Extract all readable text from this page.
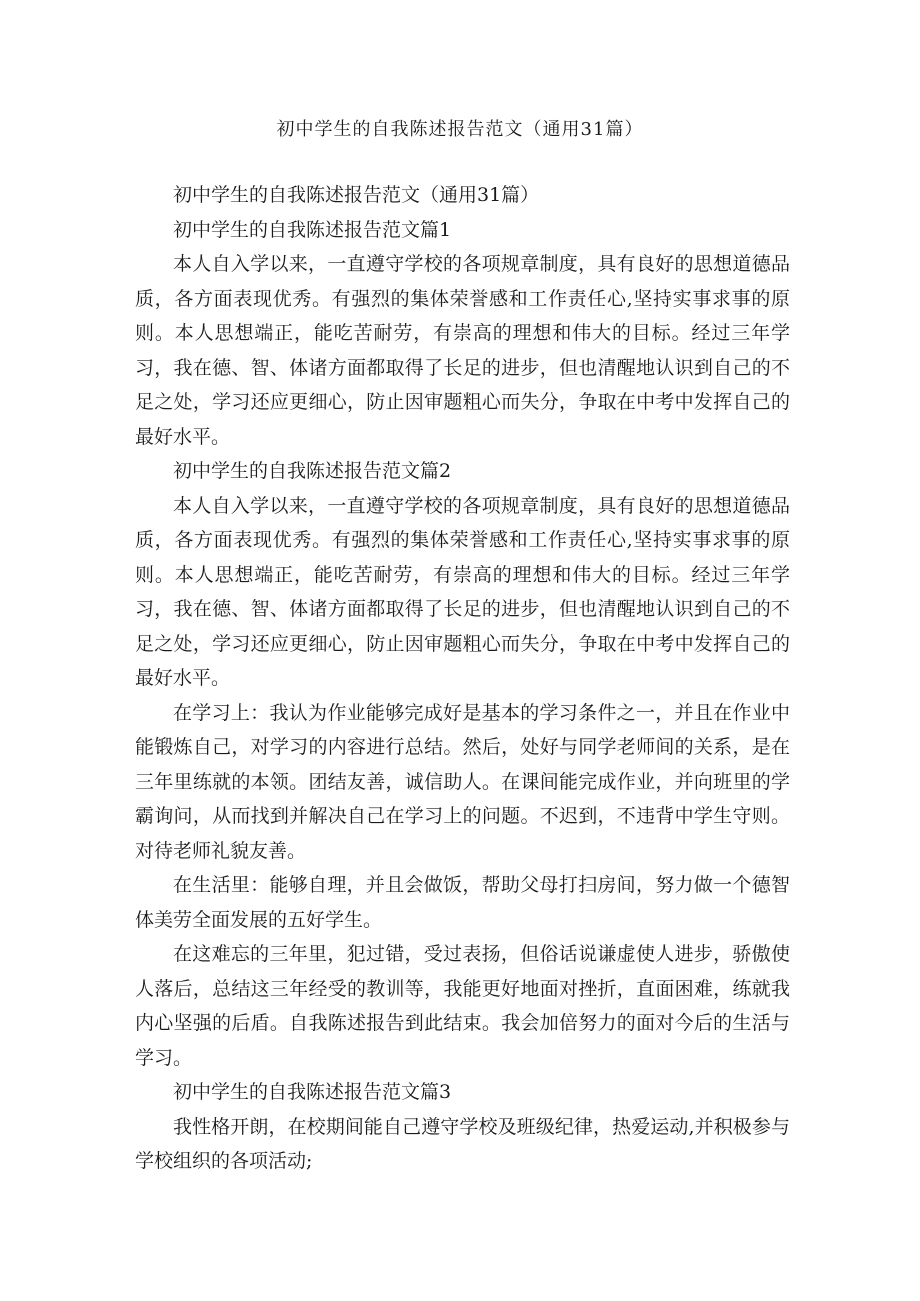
初中学生的自我陈述报告范文（通用31篇）

初中学生的自我陈述报告范文（通用31篇）

初中学生的自我陈述报告范文篇1

本人自入学以来，一直遵守学校的各项规章制度，具有良好的思想道德品质，各方面表现优秀。有强烈的集体荣誉感和工作责任心,坚持实事求事的原则。本人思想端正，能吃苦耐劳，有崇高的理想和伟大的目标。经过三年学习，我在德、智、体诸方面都取得了长足的进步，但也清醒地认识到自己的不足之处，学习还应更细心，防止因审题粗心而失分，争取在中考中发挥自己的最好水平。

初中学生的自我陈述报告范文篇2

本人自入学以来，一直遵守学校的各项规章制度，具有良好的思想道德品质，各方面表现优秀。有强烈的集体荣誉感和工作责任心,坚持实事求事的原则。本人思想端正，能吃苦耐劳，有崇高的理想和伟大的目标。经过三年学习，我在德、智、体诸方面都取得了长足的进步，但也清醒地认识到自己的不足之处，学习还应更细心，防止因审题粗心而失分，争取在中考中发挥自己的最好水平。

在学习上：我认为作业能够完成好是基本的学习条件之一，并且在作业中能锻炼自己，对学习的内容进行总结。然后，处好与同学老师间的关系，是在三年里练就的本领。团结友善，诚信助人。在课间能完成作业，并向班里的学霸询问，从而找到并解决自己在学习上的问题。不迟到，不违背中学生守则。对待老师礼貌友善。

在生活里：能够自理，并且会做饭，帮助父母打扫房间，努力做一个德智体美劳全面发展的五好学生。

在这难忘的三年里，犯过错，受过表扬，但俗话说谦虚使人进步，骄傲使人落后，总结这三年经受的教训等，我能更好地面对挫折，直面困难，练就我内心坚强的后盾。自我陈述报告到此结束。我会加倍努力的面对今后的生活与学习。

初中学生的自我陈述报告范文篇3

我性格开朗，在校期间能自己遵守学校及班级纪律，热爱运动,并积极参与学校组织的各项活动;
